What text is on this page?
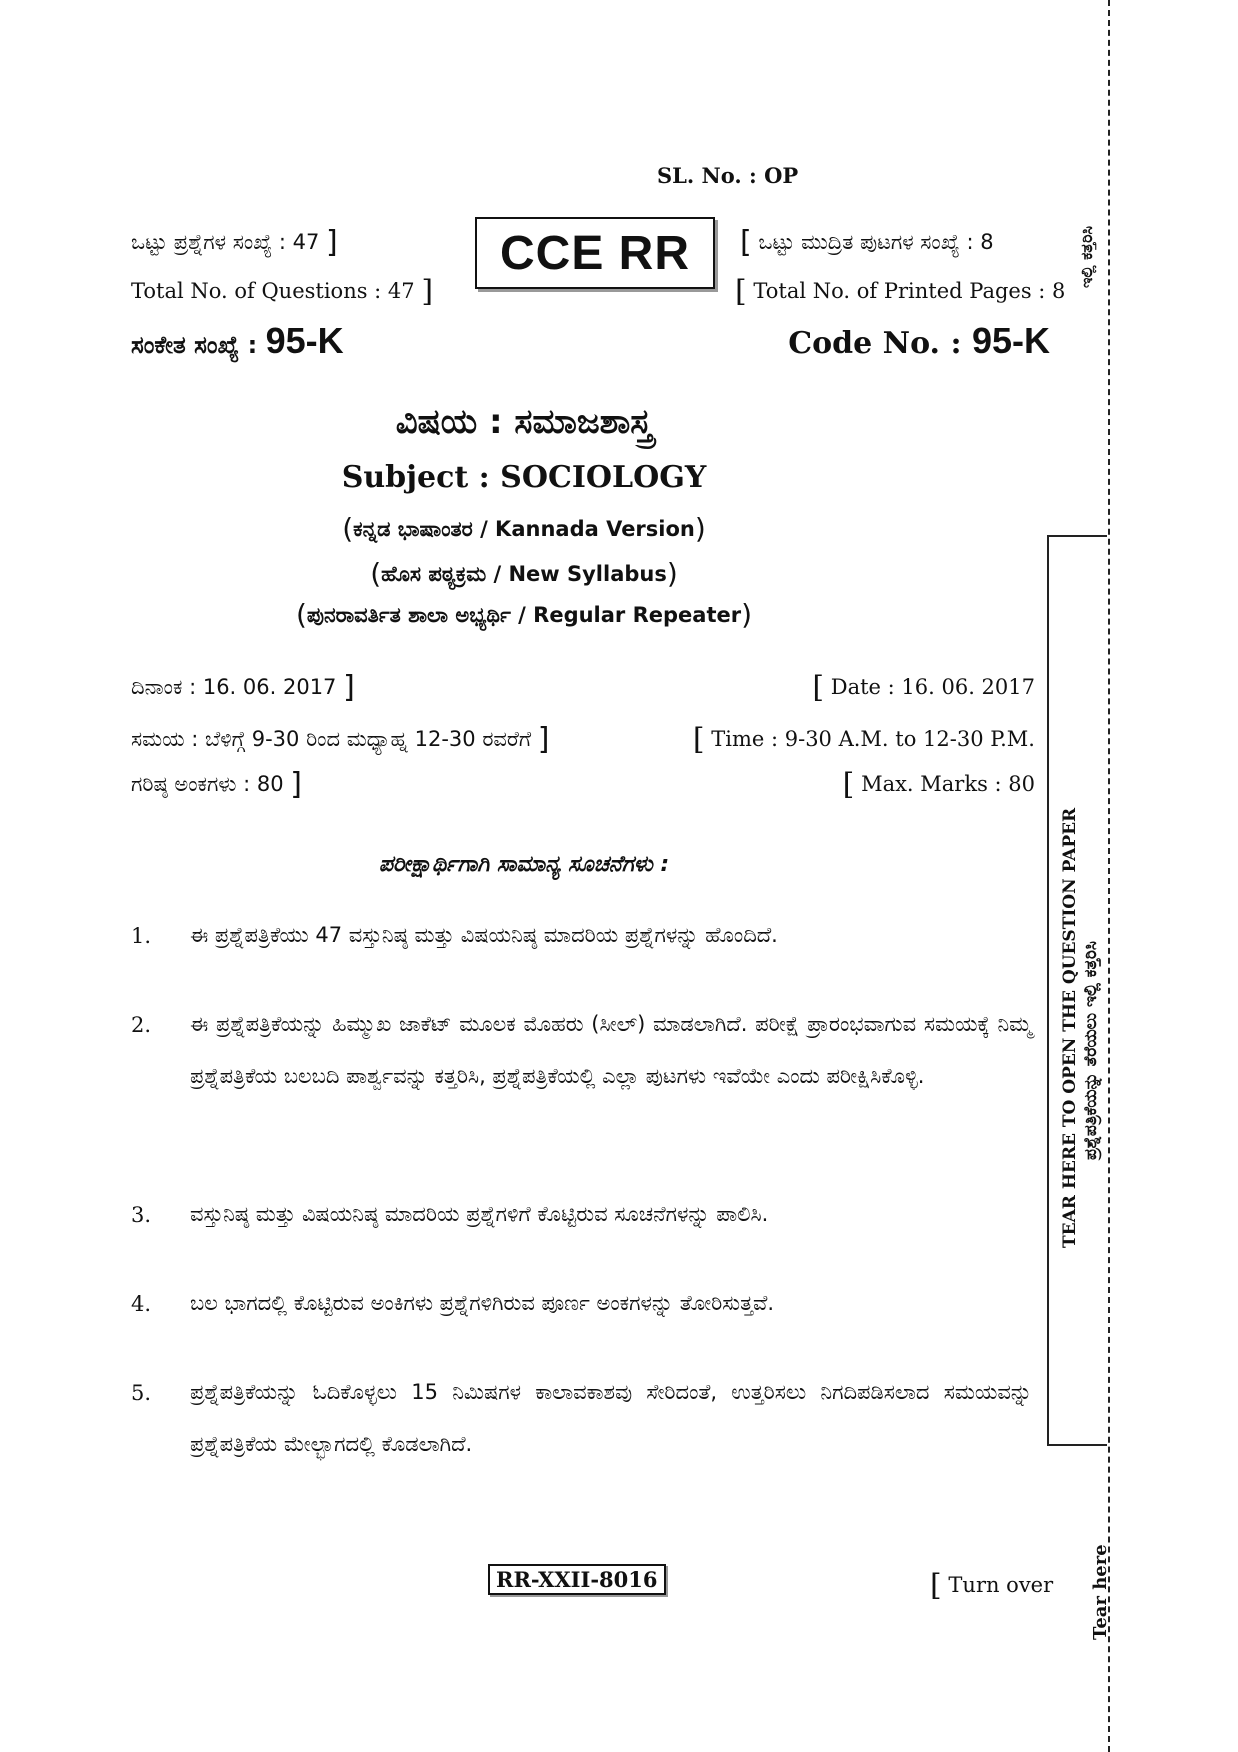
SL. No. : OP
ಒಟ್ಟು ಪ್ರಶ್ನೆಗಳ ಸಂಖ್ಯೆ : 47 ]
Total No. of Questions : 47 ]
CCE RR	[ ಒಟ್ಟು ಮುದ್ರಿತ ಪುಟಗಳ ಸಂಖ್ಯೆ : 8
[ Total No. of Printed Pages : 8
ಸಂಕೇತ ಸಂಖ್ಯೆ : 95-K	Code No. : 95-K
ವಿಷಯ : ಸಮಾಜಶಾಸ್ತ್ರ
Subject : SOCIOLOGY
(ಕನ್ನಡ ಭಾಷಾಂತರ / Kannada Version)
(ಹೊಸ ಪಠ್ಯಕ್ರಮ / New Syllabus)
(ಪುನರಾವರ್ತಿತ ಶಾಲಾ ಅಭ್ಯರ್ಥಿ / Regular Repeater)
ದಿನಾಂಕ : 16. 06. 2017 ]	[ Date : 16. 06. 2017
ಸಮಯ : ಬೆಳಿಗ್ಗೆ 9-30 ರಿಂದ ಮಧ್ಯಾಹ್ನ 12-30 ರವರೆಗೆ ]	[ Time : 9-30 A.M. to 12-30 P.M.
ಗರಿಷ್ಠ ಅಂಕಗಳು : 80 ]	[ Max. Marks : 80
ಪರೀಕ್ಷಾರ್ಥಿಗಾಗಿ ಸಾಮಾನ್ಯ ಸೂಚನೆಗಳು :
1. ಈ ಪ್ರಶ್ನೆಪತ್ರಿಕೆಯು 47 ವಸ್ತುನಿಷ್ಠ ಮತ್ತು ವಿಷಯನಿಷ್ಠ ಮಾದರಿಯ ಪ್ರಶ್ನೆಗಳನ್ನು ಹೊಂದಿದೆ.
2. ಈ ಪ್ರಶ್ನೆಪತ್ರಿಕೆಯನ್ನು ಹಿಮ್ಮುಖ ಜಾಕೆಟ್ ಮೂಲಕ ಮೊಹರು (ಸೀಲ್) ಮಾಡಲಾಗಿದೆ. ಪರೀಕ್ಷೆ ಪ್ರಾರಂಭವಾಗುವ ಸಮಯಕ್ಕೆ ನಿಮ್ಮ ಪ್ರಶ್ನೆಪತ್ರಿಕೆಯ ಬಲಬದಿ ಪಾರ್ಶ್ವವನ್ನು ಕತ್ತರಿಸಿ, ಪ್ರಶ್ನೆಪತ್ರಿಕೆಯಲ್ಲಿ ಎಲ್ಲಾ ಪುಟಗಳು ಇವೆಯೇ ಎಂದು ಪರೀಕ್ಷಿಸಿಕೊಳ್ಳಿ.
3. ವಸ್ತುನಿಷ್ಠ ಮತ್ತು ವಿಷಯನಿಷ್ಠ ಮಾದರಿಯ ಪ್ರಶ್ನೆಗಳಿಗೆ ಕೊಟ್ಟಿರುವ ಸೂಚನೆಗಳನ್ನು ಪಾಲಿಸಿ.
4. ಬಲ ಭಾಗದಲ್ಲಿ ಕೊಟ್ಟಿರುವ ಅಂಕಿಗಳು ಪ್ರಶ್ನೆಗಳಿಗಿರುವ ಪೂರ್ಣ ಅಂಕಗಳನ್ನು ತೋರಿಸುತ್ತವೆ.
5. ಪ್ರಶ್ನೆಪತ್ರಿಕೆಯನ್ನು ಓದಿಕೊಳ್ಳಲು 15 ನಿಮಿಷಗಳ ಕಾಲಾವಕಾಶವು ಸೇರಿದಂತೆ, ಉತ್ತರಿಸಲು ನಿಗದಿಪಡಿಸಲಾದ ಸಮಯವನ್ನು ಪ್ರಶ್ನೆಪತ್ರಿಕೆಯ ಮೇಲ್ಭಾಗದಲ್ಲಿ ಕೊಡಲಾಗಿದೆ.
RR-XXII-8016	[ Turn over
TEAR HERE TO OPEN THE QUESTION PAPER ಪ್ರಶ್ನೆಪತ್ರಿಕೆಯನ್ನು ತೆರೆಯಲು ಇಲ್ಲಿ ಕತ್ತರಿಸಿ
ಇಲ್ಲಿ ಕತ್ತರಿಸಿ
Tear here
